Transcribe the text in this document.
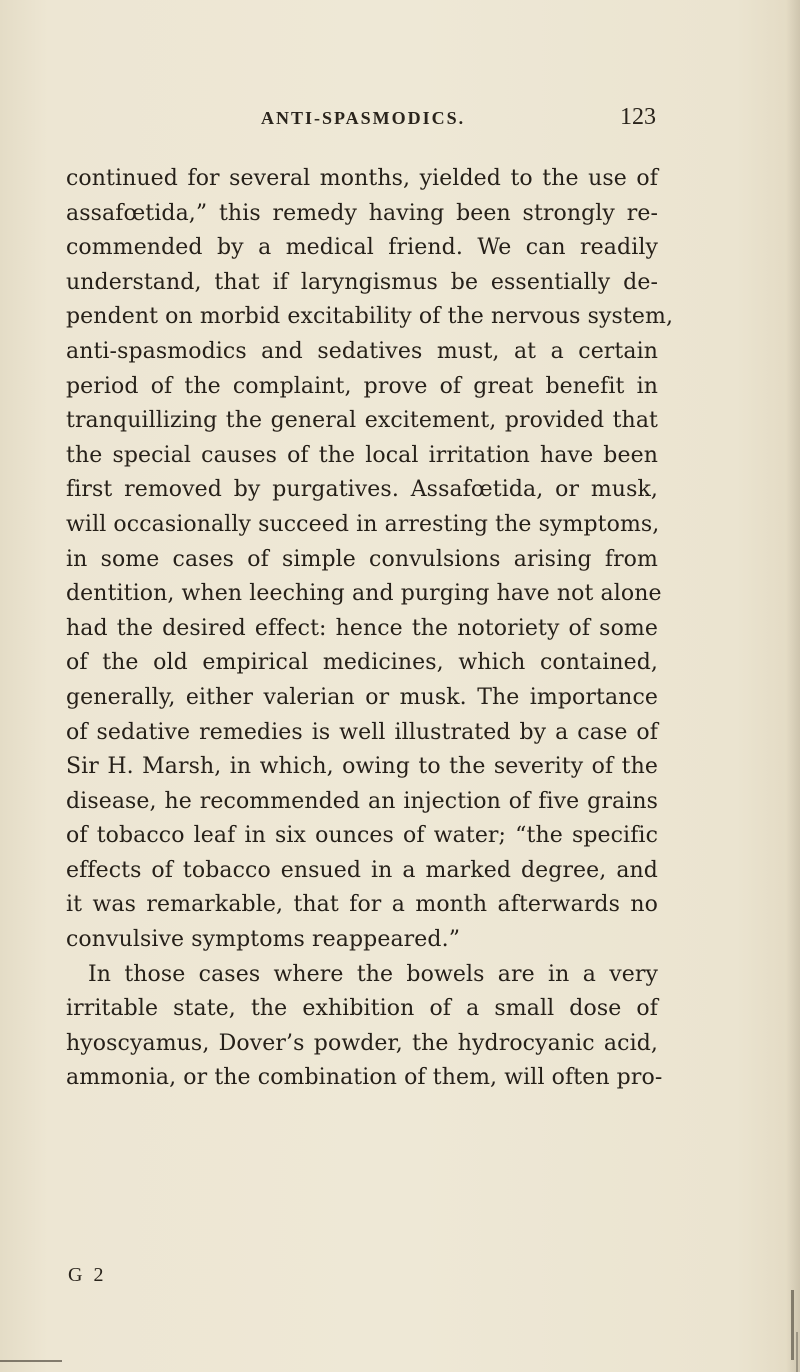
ANTI-SPASMODICS.	123
continued for several months, yielded to the use of
assafœtida,” this remedy having been strongly re-
commended by a medical friend. We can readily
understand, that if laryngismus be essentially de-
pendent on morbid excitability of the nervous system,
anti-spasmodics and sedatives must, at a certain
period of the complaint, prove of great benefit in
tranquillizing the general excitement, provided that
the special causes of the local irritation have been
first removed by purgatives. Assafœtida, or musk,
will occasionally succeed in arresting the symptoms,
in some cases of simple convulsions arising from
dentition, when leeching and purging have not alone
had the desired effect: hence the notoriety of some
of the old empirical medicines, which contained,
generally, either valerian or musk. The importance
of sedative remedies is well illustrated by a case of
Sir H. Marsh, in which, owing to the severity of the
disease, he recommended an injection of five grains
of tobacco leaf in six ounces of water; “the specific
effects of tobacco ensued in a marked degree, and
it was remarkable, that for a month afterwards no
convulsive symptoms reappeared.”
In those cases where the bowels are in a very
irritable state, the exhibition of a small dose of
hyoscyamus, Dover’s powder, the hydrocyanic acid,
ammonia, or the combination of them, will often pro-
G 2
